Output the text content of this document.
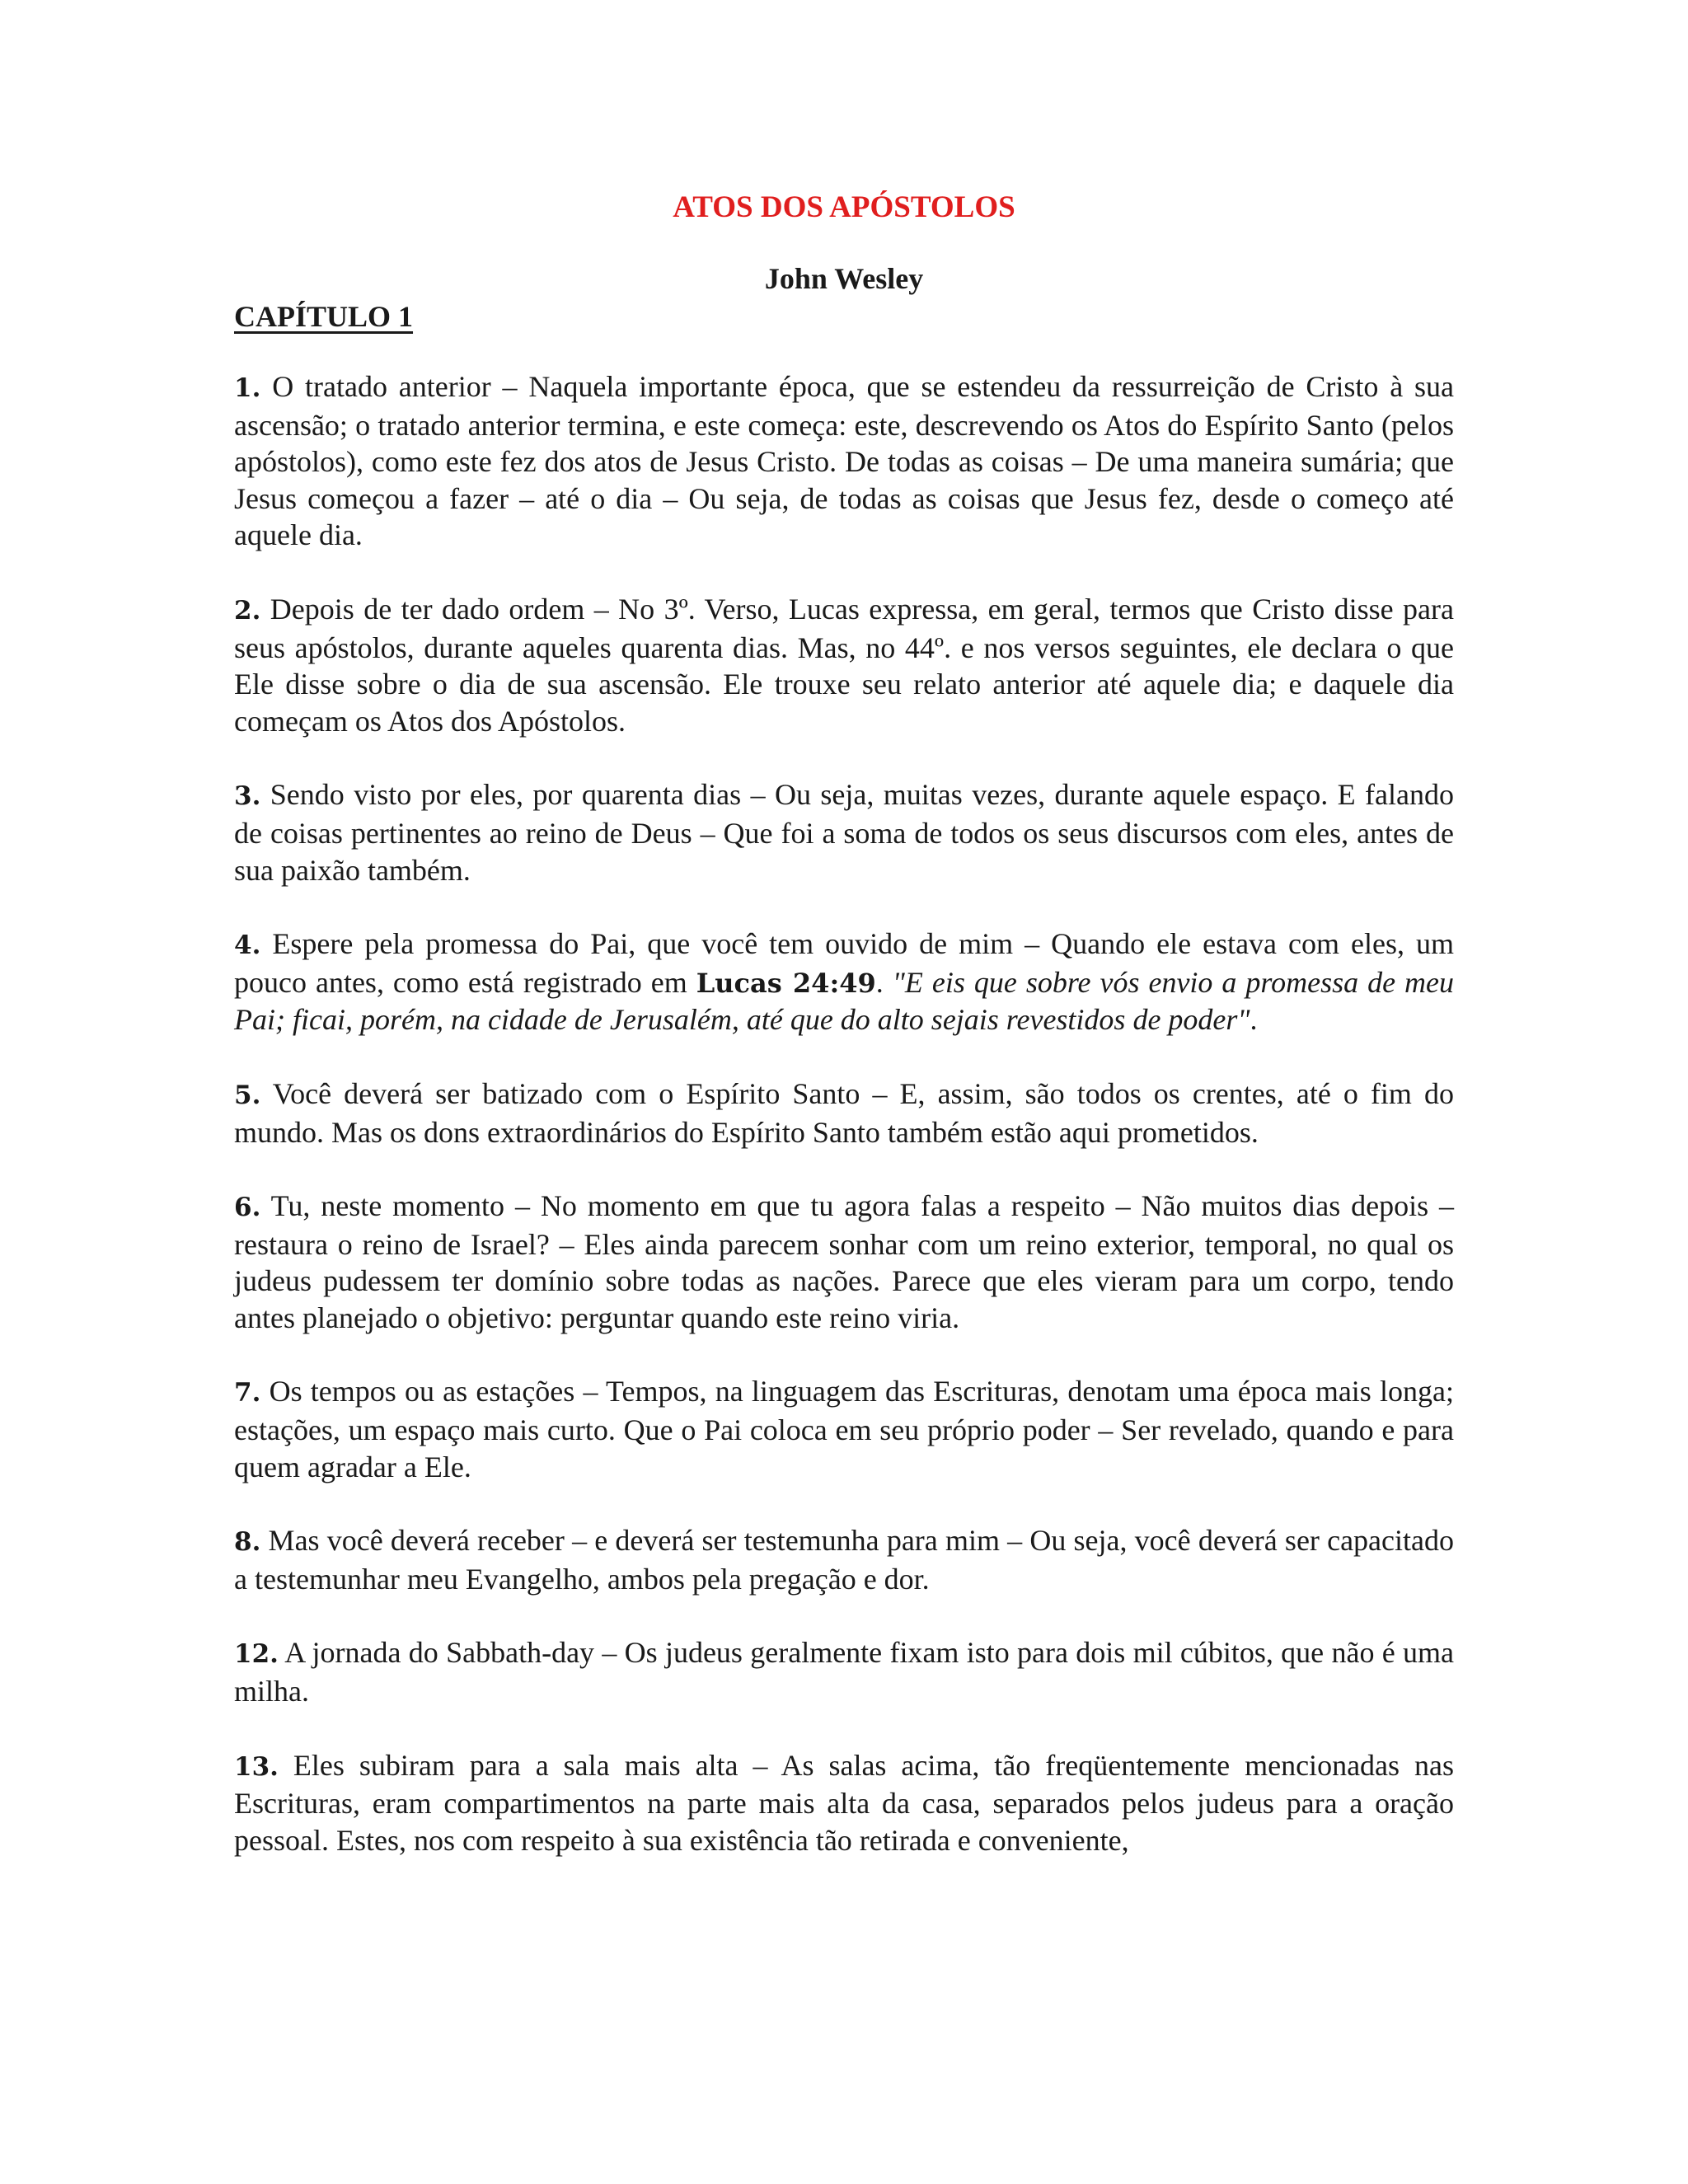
ATOS DOS APÓSTOLOS

John Wesley

CAPÍTULO 1

1. O tratado anterior – Naquela importante época, que se estendeu da ressurreição de Cristo à sua ascensão; o tratado anterior termina, e este começa: este, descrevendo os Atos do Espírito Santo (pelos apóstolos), como este fez dos atos de Jesus Cristo. De todas as coisas – De uma maneira sumária; que Jesus começou a fazer – até o dia – Ou seja, de todas as coisas que Jesus fez, desde o começo até aquele dia.

2. Depois de ter dado ordem – No 3º. Verso, Lucas expressa, em geral, termos que Cristo disse para seus apóstolos, durante aqueles quarenta dias. Mas, no 44º. e nos versos seguintes, ele declara o que Ele disse sobre o dia de sua ascensão. Ele trouxe seu relato anterior até aquele dia; e daquele dia começam os Atos dos Apóstolos.

3. Sendo visto por eles, por quarenta dias – Ou seja, muitas vezes, durante aquele espaço. E falando de coisas pertinentes ao reino de Deus – Que foi a soma de todos os seus discursos com eles, antes de sua paixão também.

4. Espere pela promessa do Pai, que você tem ouvido de mim – Quando ele estava com eles, um pouco antes, como está registrado em Lucas 24:49. "E eis que sobre vós envio a promessa de meu Pai; ficai, porém, na cidade de Jerusalém, até que do alto sejais revestidos de poder".

5. Você deverá ser batizado com o Espírito Santo – E, assim, são todos os crentes, até o fim do mundo. Mas os dons extraordinários do Espírito Santo também estão aqui prometidos.

6. Tu, neste momento – No momento em que tu agora falas a respeito – Não muitos dias depois – restaura o reino de Israel? – Eles ainda parecem sonhar com um reino exterior, temporal, no qual os judeus pudessem ter domínio sobre todas as nações. Parece que eles vieram para um corpo, tendo antes planejado o objetivo: perguntar quando este reino viria.

7. Os tempos ou as estações – Tempos, na linguagem das Escrituras, denotam uma época mais longa; estações, um espaço mais curto. Que o Pai coloca em seu próprio poder – Ser revelado, quando e para quem agradar a Ele.

8. Mas você deverá receber – e deverá ser testemunha para mim – Ou seja, você deverá ser capacitado a testemunhar meu Evangelho, ambos pela pregação e dor.

12. A jornada do Sabbath-day – Os judeus geralmente fixam isto para dois mil cúbitos, que não é uma milha.

13. Eles subiram para a sala mais alta – As salas acima, tão freqüentemente mencionadas nas Escrituras, eram compartimentos na parte mais alta da casa, separados pelos judeus para a oração pessoal. Estes, nos com respeito à sua existência tão retirada e conveniente,
